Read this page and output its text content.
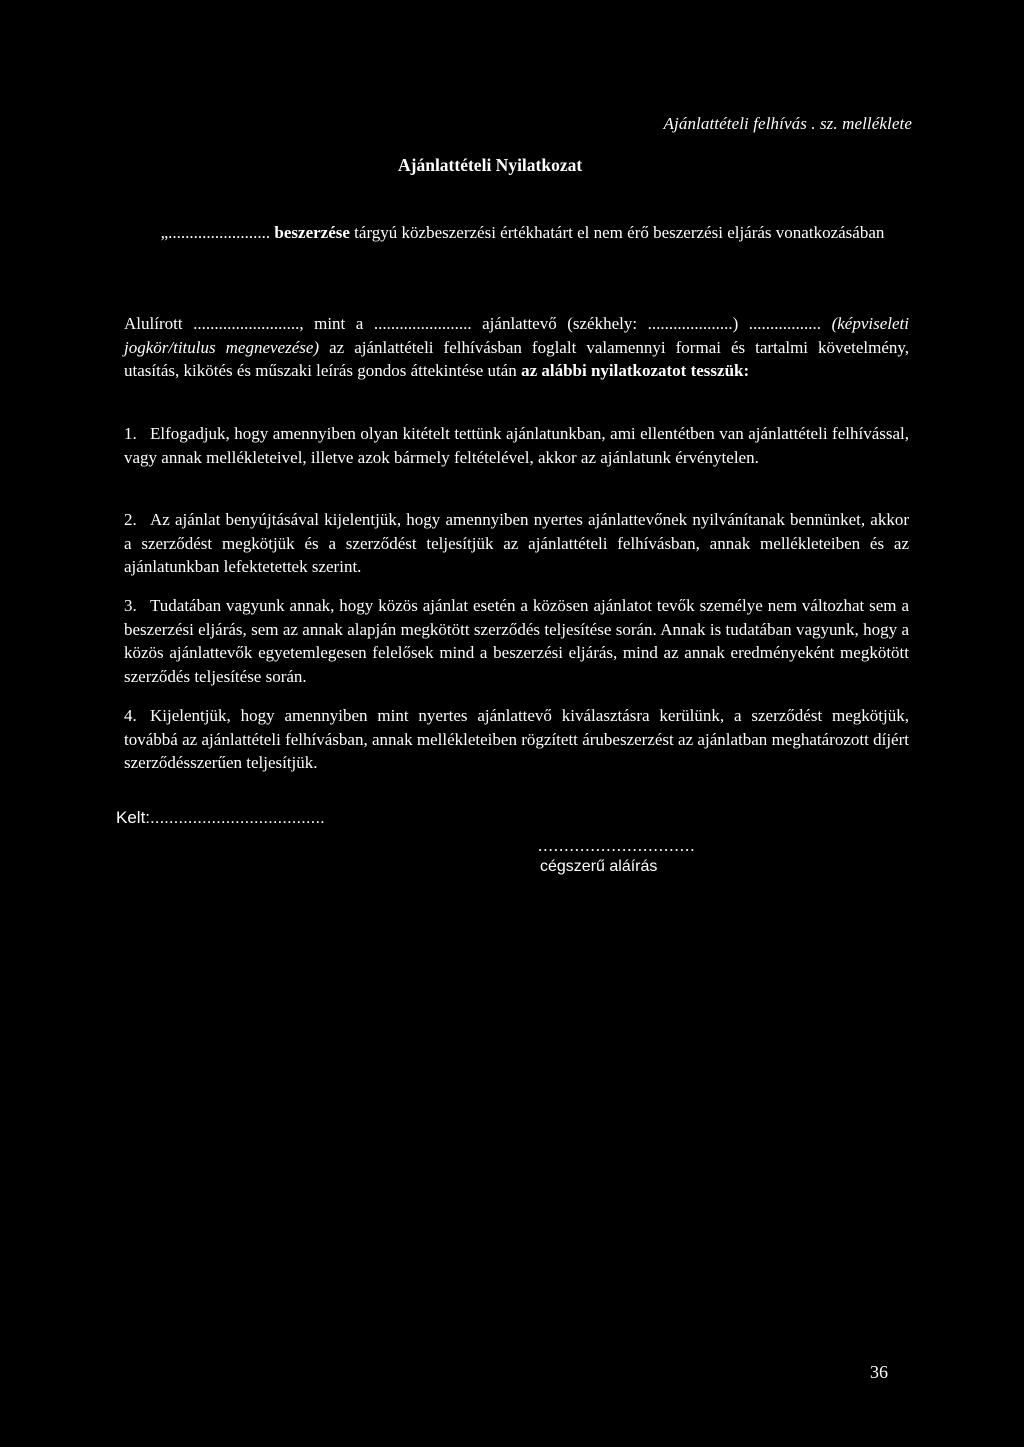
Ajánlattételi felhívás . sz. melléklete
Ajánlattételi Nyilatkozat
„........................ beszerzése tárgyú közbeszerzési értékhatárt el nem érő beszerzési eljárás vonatkozásában
Alulírott ........................., mint a ....................... ajánlattevő (székhely: ....................) ................. (képviseleti jogkör/titulus megnevezése) az ajánlattételi felhívásban foglalt valamennyi formai és tartalmi követelmény, utasítás, kikötés és műszaki leírás gondos áttekintése után az alábbi nyilatkozatot tesszük:
1. Elfogadjuk, hogy amennyiben olyan kitételt tettünk ajánlatunkban, ami ellentétben van ajánlattételi felhívással, vagy annak mellékleteivel, illetve azok bármely feltételével, akkor az ajánlatunk érvénytelen.
2. Az ajánlat benyújtásával kijelentjük, hogy amennyiben nyertes ajánlattevőnek nyilvánítanak bennünket, akkor a szerződést megkötjük és a szerződést teljesítjük az ajánlattételi felhívásban, annak mellékleteiben és az ajánlatunkban lefektetettek szerint.
3. Tudatában vagyunk annak, hogy közös ajánlat esetén a közösen ajánlatot tevők személye nem változhat sem a beszerzési eljárás, sem az annak alapján megkötött szerződés teljesítése során. Annak is tudatában vagyunk, hogy a közös ajánlattevők egyetemlegesen felelősek mind a beszerzési eljárás, mind az annak eredményeként megkötött szerződés teljesítése során.
4. Kijelentjük, hogy amennyiben mint nyertes ajánlattevő kiválasztásra kerülünk, a szerződést megkötjük, továbbá az ajánlattételi felhívásban, annak mellékleteiben rögzített árubeszerzést az ajánlatban meghatározott díjért szerződésszerűen teljesítjük.
Kelt:.....................................
..............................
cégszerű aláírás
36
